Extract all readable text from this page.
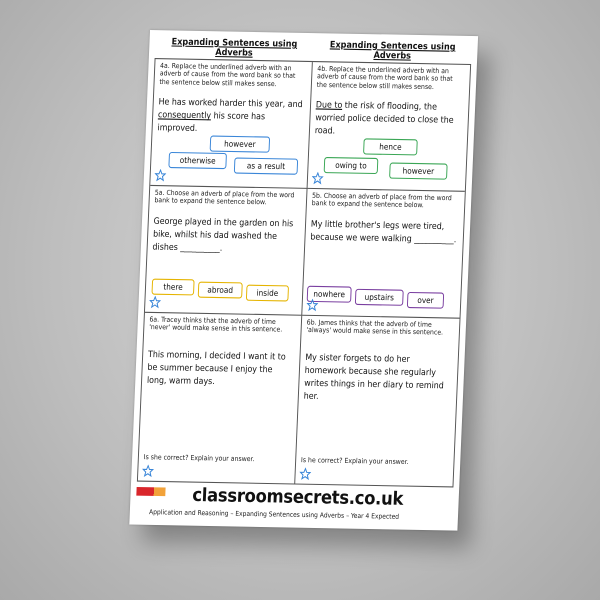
Expanding Sentences using Adverbs
Expanding Sentences using Adverbs

4a. Replace the underlined adverb with an adverb of cause from the word bank so that the sentence below still makes sense.

He has worked harder this year, and consequently his score has improved.
however
otherwise
as a result

4b. Replace the underlined adverb with an adverb of cause from the word bank so that the sentence below still makes sense.

Due to the risk of flooding, the worried police decided to close the road.
hence
owing to
however

5a. Choose an adverb of place from the word bank to expand the sentence below.

George played in the garden on his bike, whilst his dad washed the dishes __________.
there	abroad	inside

5b. Choose an adverb of place from the word bank to expand the sentence below.

My little brother's legs were tired, because we were walking __________.
nowhere	upstairs	over

6a. Tracey thinks that the adverb of time 'never' would make sense in this sentence.

This morning, I decided I want it to be summer because I enjoy the long, warm days.
Is she correct? Explain your answer.

6b. James thinks that the adverb of time 'always' would make sense in this sentence.

My sister forgets to do her homework because she regularly writes things in her diary to remind her.
Is he correct? Explain your answer.
classroomsecrets.co.uk
Application and Reasoning – Expanding Sentences using Adverbs – Year 4 Expected
